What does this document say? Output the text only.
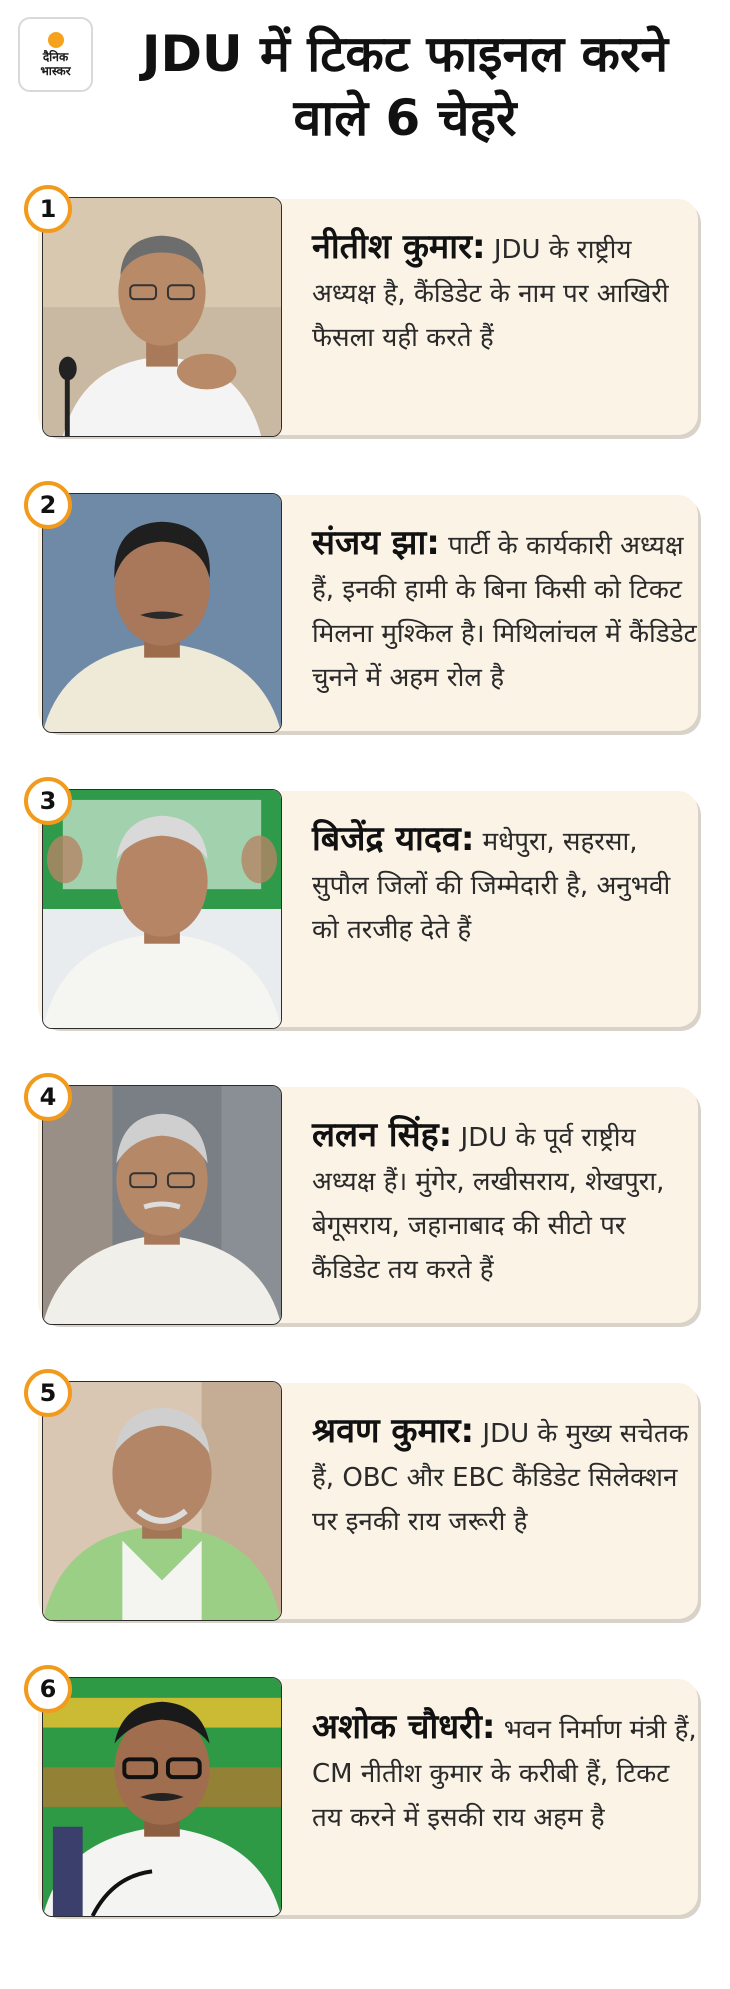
दैनिक
भास्कर	JDU में टिकट फाइनल करने वाले 6 चेहरे
1
नीतीश कुमार: JDU के राष्ट्रीय अध्यक्ष है, कैंडिडेट के नाम पर आखिरी फैसला यही करते हैं
2
संजय झा: पार्टी के कार्यकारी अध्यक्ष हैं, इनकी हामी के बिना किसी को टिकट मिलना मुश्किल है। मिथिलांचल में कैंडिडेट चुनने में अहम रोल है
3
बिजेंद्र यादव: मधेपुरा, सहरसा, सुपौल जिलों की जिम्मेदारी है, अनुभवी को तरजीह देते हैं
4
ललन सिंह: JDU के पूर्व राष्ट्रीय अध्यक्ष हैं। मुंगेर, लखीसराय, शेखपुरा, बेगूसराय, जहानाबाद की सीटो पर कैंडिडेट तय करते हैं
5
श्रवण कुमार: JDU के मुख्य सचेतक हैं, OBC और EBC कैंडिडेट सिलेक्शन पर इनकी राय जरूरी है
6
अशोक चौधरी: भवन निर्माण मंत्री हैं, CM नीतीश कुमार के करीबी हैं, टिकट तय करने में इसकी राय अहम है
